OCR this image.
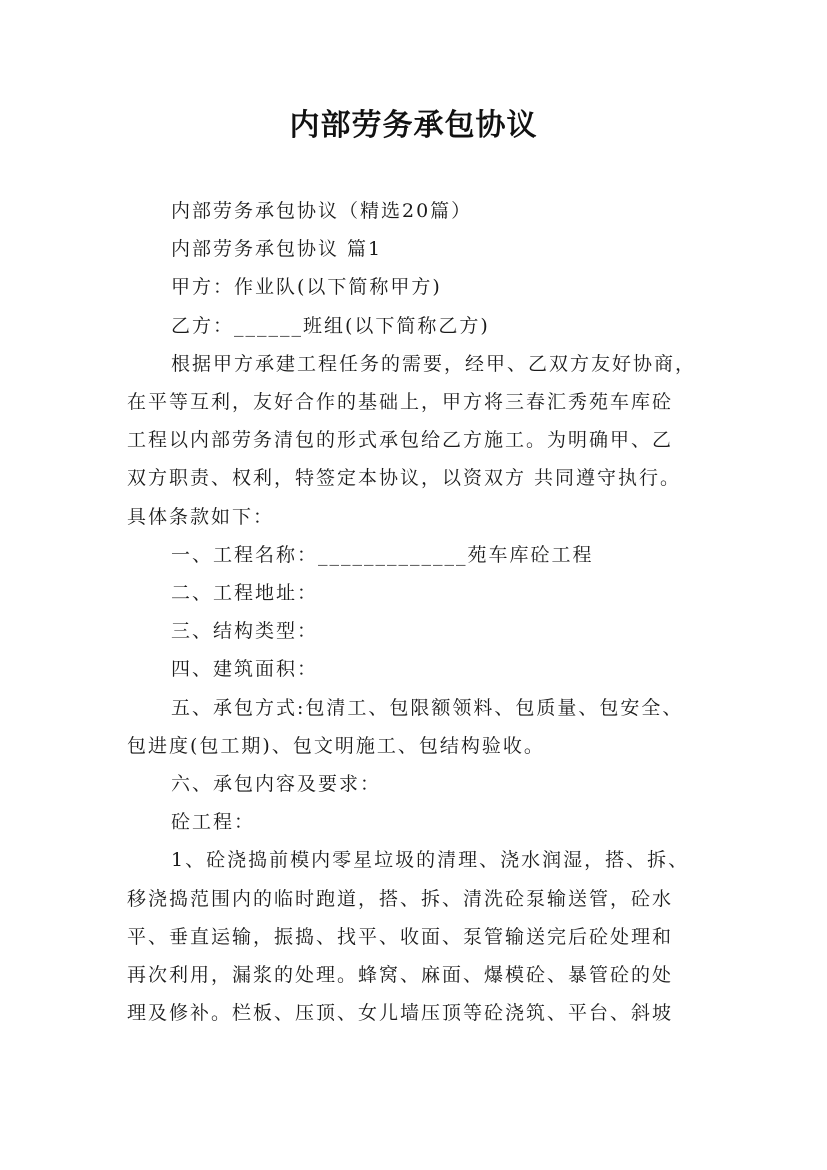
内部劳务承包协议
内部劳务承包协议（精选20篇）
内部劳务承包协议 篇1
甲方：作业队(以下简称甲方)
乙方：______班组(以下简称乙方)
根据甲方承建工程任务的需要，经甲、乙双方友好协商，
在平等互利，友好合作的基础上，甲方将三春汇秀苑车库砼
工程以内部劳务清包的形式承包给乙方施工。为明确甲、乙
双方职责、权利，特签定本协议，以资双方 共同遵守执行。
具体条款如下：
一、工程名称：_____________苑车库砼工程
二、工程地址：
三、结构类型：
四、建筑面积：
五、承包方式:包清工、包限额领料、包质量、包安全、
包进度(包工期)、包文明施工、包结构验收。
六、承包内容及要求：
砼工程：
1、砼浇捣前模内零星垃圾的清理、浇水润湿，搭、拆、
移浇捣范围内的临时跑道，搭、拆、清洗砼泵输送管，砼水
平、垂直运输，振捣、找平、收面、泵管输送完后砼处理和
再次利用，漏浆的处理。蜂窝、麻面、爆模砼、暴管砼的处
理及修补。栏板、压顶、女儿墙压顶等砼浇筑、平台、斜坡
